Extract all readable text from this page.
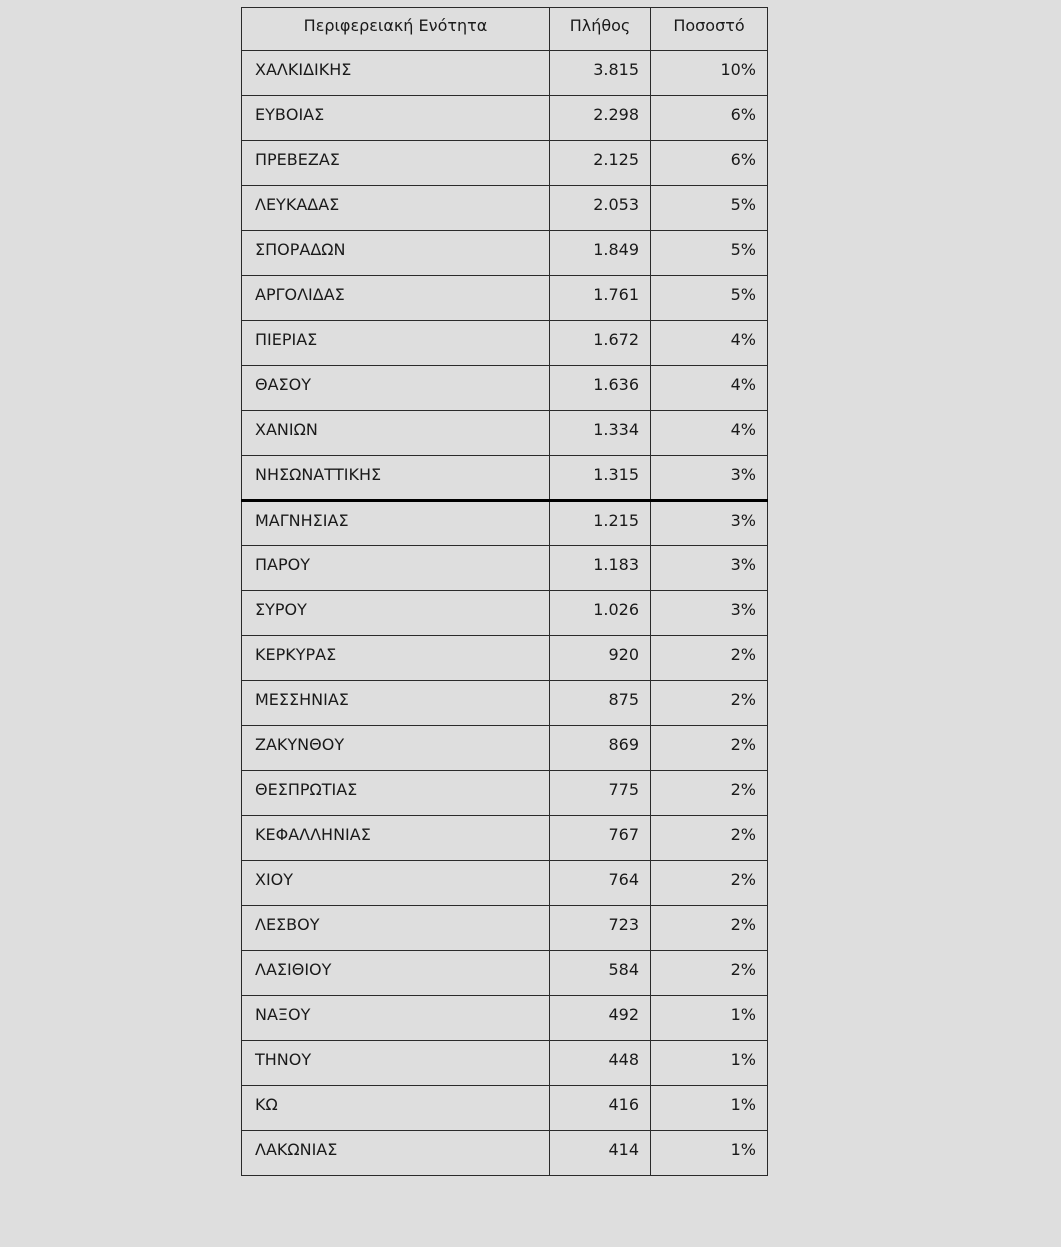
Περιφερειακή Ενότητα	Πλήθος	Ποσοστό
ΧΑΛΚΙΔΙΚΗΣ	3.815	10%
ΕΥΒΟΙΑΣ	2.298	6%
ΠΡΕΒΕΖΑΣ	2.125	6%
ΛΕΥΚΑΔΑΣ	2.053	5%
ΣΠΟΡΑΔΩΝ	1.849	5%
ΑΡΓΟΛΙΔΑΣ	1.761	5%
ΠΙΕΡΙΑΣ	1.672	4%
ΘΑΣΟΥ	1.636	4%
ΧΑΝΙΩΝ	1.334	4%
ΝΗΣΩΝΑΤΤΙΚΗΣ	1.315	3%
ΜΑΓΝΗΣΙΑΣ	1.215	3%
ΠΑΡΟΥ	1.183	3%
ΣΥΡΟΥ	1.026	3%
ΚΕΡΚΥΡΑΣ	920	2%
ΜΕΣΣΗΝΙΑΣ	875	2%
ΖΑΚΥΝΘΟΥ	869	2%
ΘΕΣΠΡΩΤΙΑΣ	775	2%
ΚΕΦΑΛΛΗΝΙΑΣ	767	2%
ΧΙΟΥ	764	2%
ΛΕΣΒΟΥ	723	2%
ΛΑΣΙΘΙΟΥ	584	2%
ΝΑΞΟΥ	492	1%
ΤΗΝΟΥ	448	1%
ΚΩ	416	1%
ΛΑΚΩΝΙΑΣ	414	1%
